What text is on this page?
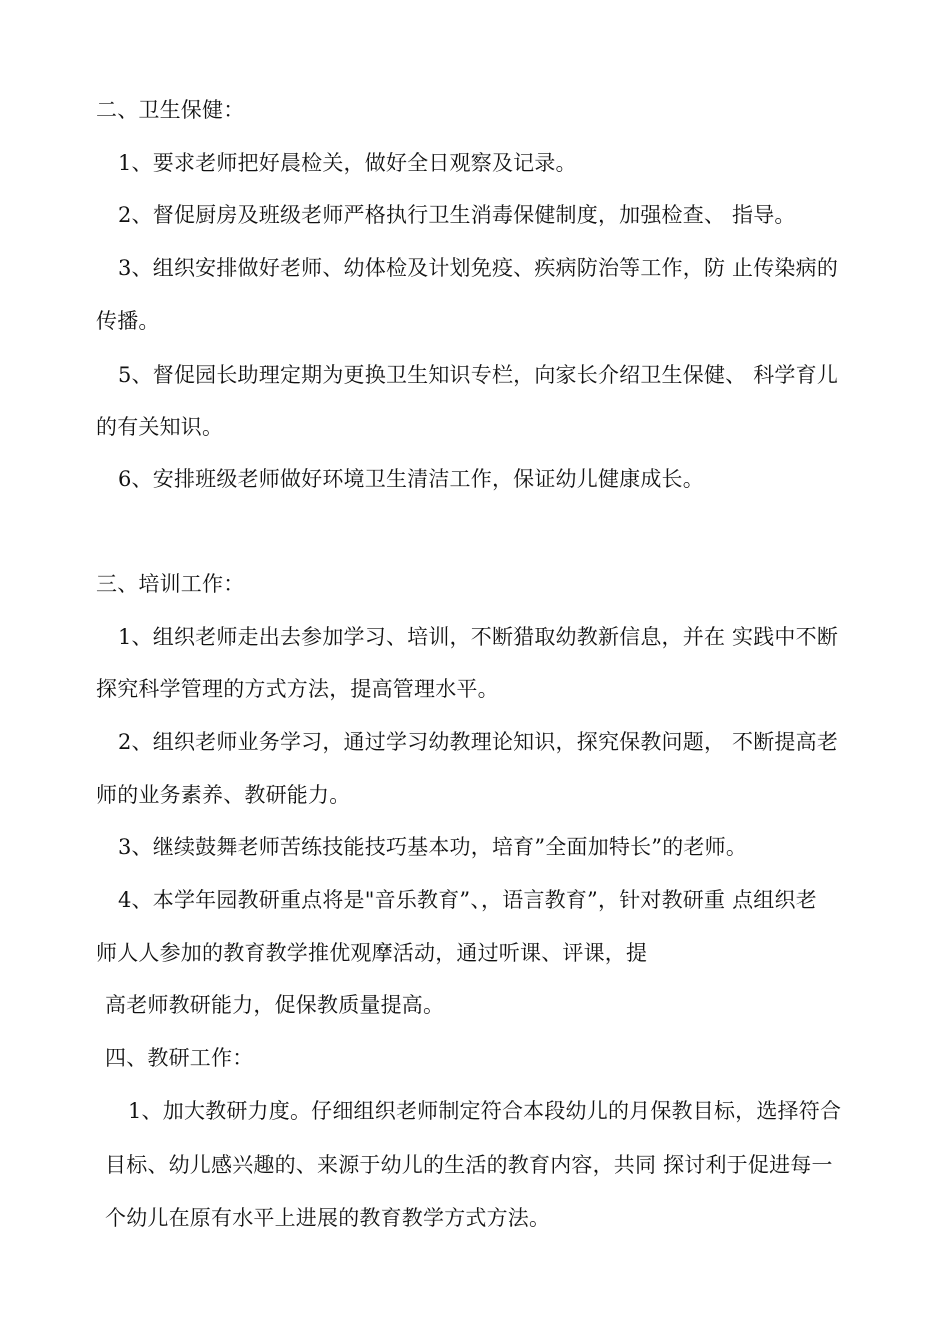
二、卫生保健：
1、要求老师把好晨检关，做好全日观察及记录。
2、督促厨房及班级老师严格执行卫生消毒保健制度，加强检查、 指导。
3、组织安排做好老师、幼体检及计划免疫、疾病防治等工作，防 止传染病的
传播。
5、督促园长助理定期为更换卫生知识专栏，向家长介绍卫生保健、 科学育儿
的有关知识。
6、安排班级老师做好环境卫生清洁工作，保证幼儿健康成长。
三、培训工作：
1、组织老师走出去参加学习、培训，不断猎取幼教新信息，并在 实践中不断
探究科学管理的方式方法，提高管理水平。
2、组织老师业务学习，通过学习幼教理论知识，探究保教问题， 不断提高老
师的业务素养、教研能力。
3、继续鼓舞老师苦练技能技巧基本功，培育”全面加特长”的老师。
4、本学年园教研重点将是"音乐教育”、，语言教育”，针对教研重 点组织老
师人人参加的教育教学推优观摩活动，通过听课、评课，提
高老师教研能力，促保教质量提高。
四、教研工作：
1、加大教研力度。仔细组织老师制定符合本段幼儿的月保教目标，选择符合
目标、幼儿感兴趣的、来源于幼儿的生活的教育内容，共同 探讨利于促进每一
个幼儿在原有水平上进展的教育教学方式方法。
